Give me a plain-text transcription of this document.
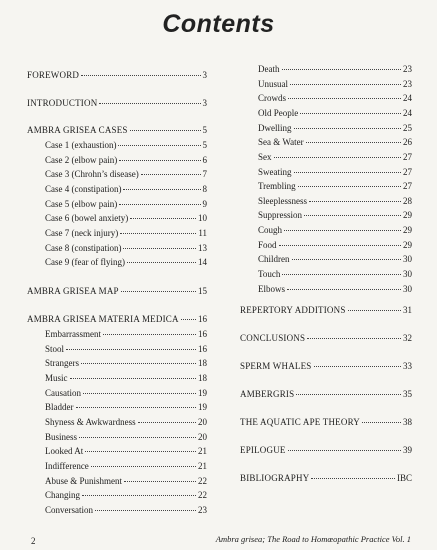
Contents
FOREWORD	3
INTRODUCTION	3
AMBRA GRISEA CASES	5
Case 1 (exhaustion)	5
Case 2 (elbow pain)	6
Case 3 (Chrohn’s disease)	7
Case 4 (constipation)	8
Case 5 (elbow pain)	9
Case 6 (bowel anxiety)	10
Case 7 (neck injury)	11
Case 8 (constipation)	13
Case 9 (fear of flying)	14
AMBRA GRISEA MAP	15
AMBRA GRISEA MATERIA MEDICA 16
Embarrassment	16
Stool	16
Strangers	18
Music	18
Causation	19
Bladder	19
Shyness & Awkwardness	20
Business	20
Looked At	21
Indifference	21
Abuse & Punishment	22
Changing	22
Conversation	23
Death	23
Unusual	23
Crowds	24
Old People	24
Dwelling	25
Sea & Water	26
Sex	27
Sweating	27
Trembling	27
Sleeplessness	28
Suppression	29
Cough	29
Food	29
Children	30
Touch	30
Elbows	30
REPERTORY ADDITIONS	31
CONCLUSIONS	32
SPERM WHALES	33
AMBERGRIS	35
THE AQUATIC APE THEORY	38
EPILOGUE	39
BIBLIOGRAPHY	IBC
2	Ambra grisea; The Road to Homœopathic Practice Vol. 1
